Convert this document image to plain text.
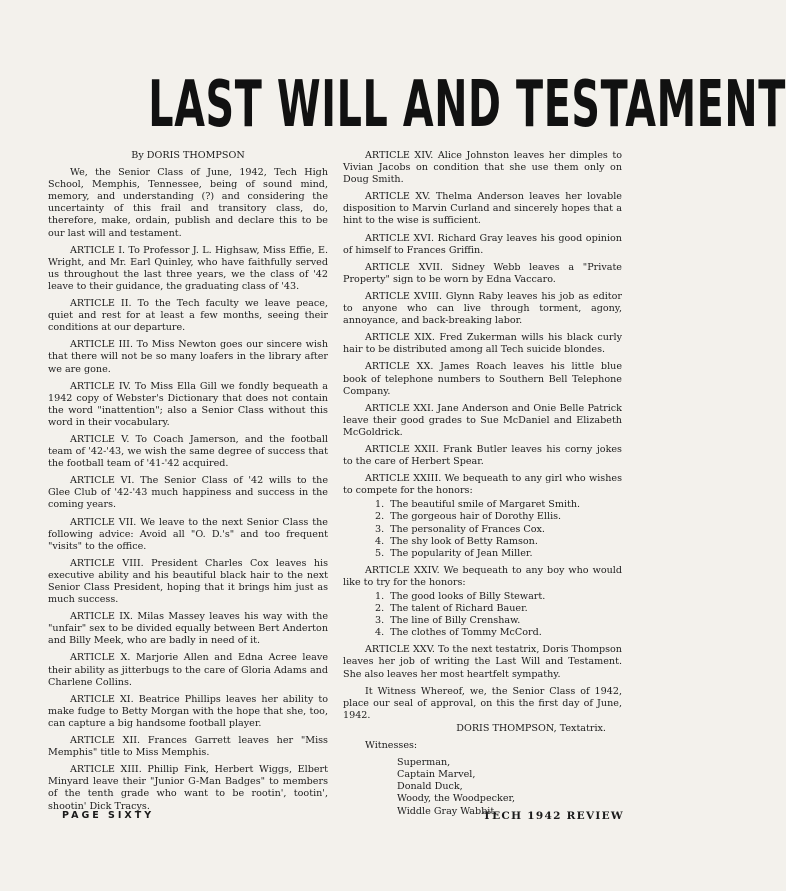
LAST WILL AND TESTAMENT

By DORIS THOMPSON

We, the Senior Class of June, 1942, Tech High School, Memphis, Tennessee, being of sound mind, memory, and understanding (?) and considering the uncertainty of this frail and transitory class, do, therefore, make, ordain, publish and declare this to be our last will and testament.

ARTICLE I. To Professor J. L. Highsaw, Miss Effie, E. Wright, and Mr. Earl Quinley, who have faithfully served us throughout the last three years, we the class of '42 leave to their guidance, the graduating class of '43.

ARTICLE II. To the Tech faculty we leave peace, quiet and rest for at least a few months, seeing their conditions at our departure.

ARTICLE III. To Miss Newton goes our sincere wish that there will not be so many loafers in the library after we are gone.

ARTICLE IV. To Miss Ella Gill we fondly bequeath a 1942 copy of Webster's Dictionary that does not contain the word "inattention"; also a Senior Class without this word in their vocabulary.

ARTICLE V. To Coach Jamerson, and the football team of '42-'43, we wish the same degree of success that the football team of '41-'42 acquired.

ARTICLE VI. The Senior Class of '42 wills to the Glee Club of '42-'43 much happiness and success in the coming years.

ARTICLE VII. We leave to the next Senior Class the following advice: Avoid all "O. D.'s" and too frequent "visits" to the office.

ARTICLE VIII. President Charles Cox leaves his executive ability and his beautiful black hair to the next Senior Class President, hoping that it brings him just as much success.

ARTICLE IX. Milas Massey leaves his way with the "unfair" sex to be divided equally between Bert Anderton and Billy Meek, who are badly in need of it.

ARTICLE X. Marjorie Allen and Edna Acree leave their ability as jitterbugs to the care of Gloria Adams and Charlene Collins.

ARTICLE XI. Beatrice Phillips leaves her ability to make fudge to Betty Morgan with the hope that she, too, can capture a big handsome football player.

ARTICLE XII. Frances Garrett leaves her "Miss Memphis" title to Miss Memphis.

ARTICLE XIII. Phillip Fink, Herbert Wiggs, Elbert Minyard leave their "Junior G-Man Badges" to members of the tenth grade who want to be rootin', tootin', shootin' Dick Tracys.

ARTICLE XIV. Alice Johnston leaves her dimples to Vivian Jacobs on condition that she use them only on Doug Smith.

ARTICLE XV. Thelma Anderson leaves her lovable disposition to Marvin Curland and sincerely hopes that a hint to the wise is sufficient.

ARTICLE XVI. Richard Gray leaves his good opinion of himself to Frances Griffin.

ARTICLE XVII. Sidney Webb leaves a "Private Property" sign to be worn by Edna Vaccaro.

ARTICLE XVIII. Glynn Raby leaves his job as editor to anyone who can live through torment, agony, annoyance, and back-breaking labor.

ARTICLE XIX. Fred Zukerman wills his black curly hair to be distributed among all Tech suicide blondes.

ARTICLE XX. James Roach leaves his little blue book of telephone numbers to Southern Bell Telephone Company.

ARTICLE XXI. Jane Anderson and Onie Belle Patrick leave their good grades to Sue McDaniel and Elizabeth McGoldrick.

ARTICLE XXII. Frank Butler leaves his corny jokes to the care of Herbert Spear.

ARTICLE XXIII. We bequeath to any girl who wishes to compete for the honors:

1. The beautiful smile of Margaret Smith.
2. The gorgeous hair of Dorothy Ellis.
3. The personality of Frances Cox.
4. The shy look of Betty Ramson.
5. The popularity of Jean Miller.

ARTICLE XXIV. We bequeath to any boy who would like to try for the honors:

1. The good looks of Billy Stewart.
2. The talent of Richard Bauer.
3. The line of Billy Crenshaw.
4. The clothes of Tommy McCord.

ARTICLE XXV. To the next testatrix, Doris Thompson leaves her job of writing the Last Will and Testament. She also leaves her most heartfelt sympathy.

It Witness Whereof, we, the Senior Class of 1942, place our seal of approval, on this the first day of June, 1942.

DORIS THOMPSON, Textatrix.

Witnesses:

Superman,
Captain Marvel,
Donald Duck,
Woody, the Woodpecker,
Widdle Gray Wabbit.
PAGE SIXTY	TECH 1942 REVIEW
